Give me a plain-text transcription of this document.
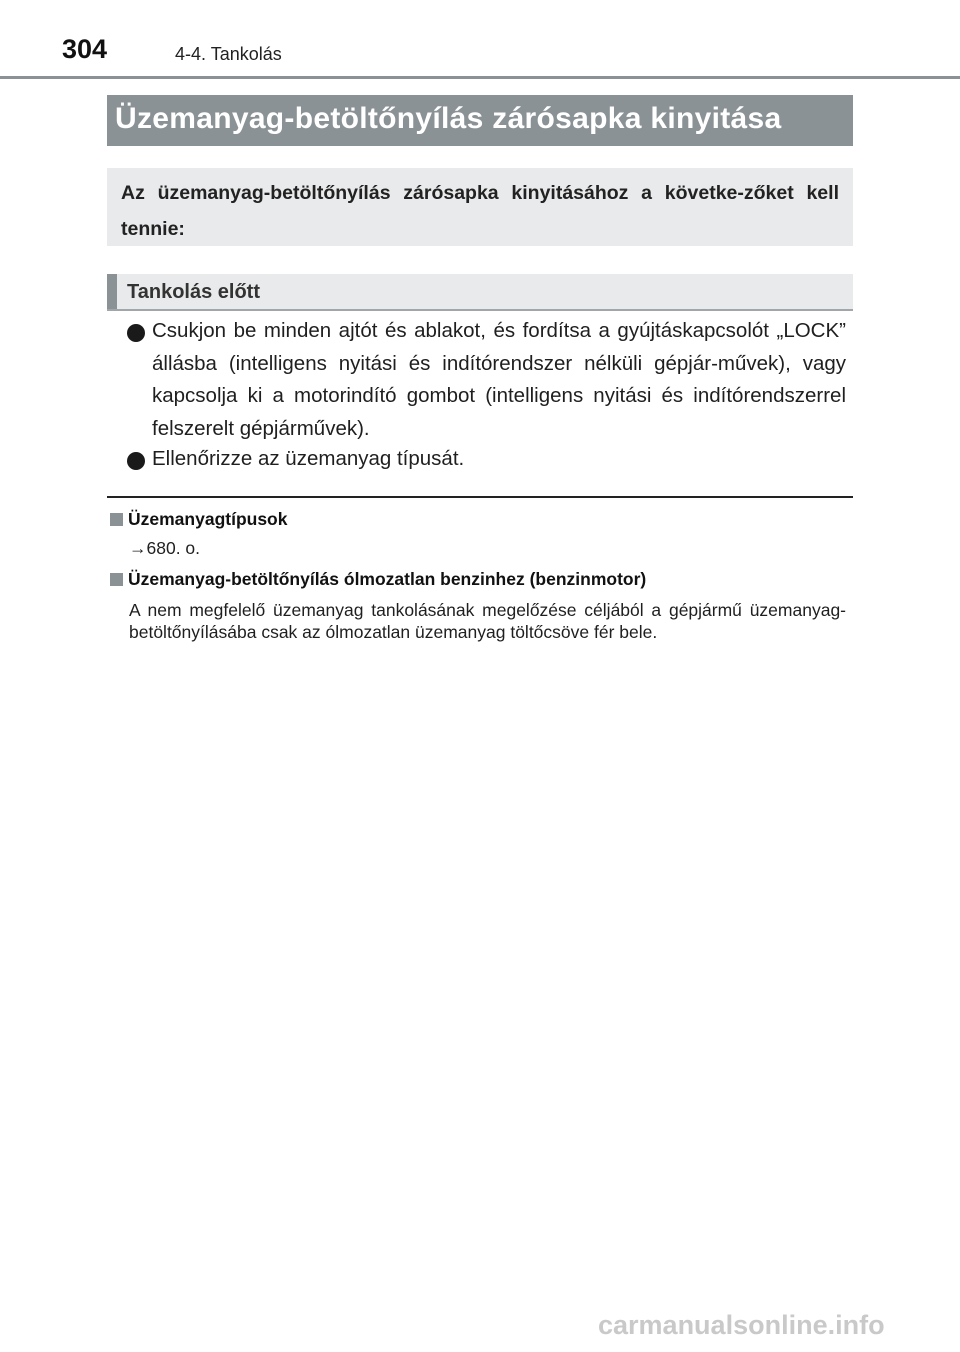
304	4-4. Tankolás
Üzemanyag-betöltőnyílás zárósapka kinyitása
Az üzemanyag-betöltőnyílás zárósapka kinyitásához a követke-zőket kell tennie:
Tankolás előtt
Csukjon be minden ajtót és ablakot, és fordítsa a gyújtáskapcsolót „LOCK” állásba (intelligens nyitási és indítórendszer nélküli gépjár-művek), vagy kapcsolja ki a motorindító gombot (intelligens nyitási és indítórendszerrel felszerelt gépjárművek).
Ellenőrizze az üzemanyag típusát.
Üzemanyagtípusok
→680. o.
Üzemanyag-betöltőnyílás ólmozatlan benzinhez (benzinmotor)
A nem megfelelő üzemanyag tankolásának megelőzése céljából a gépjármű üzemanyag-betöltőnyílásába csak az ólmozatlan üzemanyag töltőcsöve fér bele.
carmanualsonline.info
